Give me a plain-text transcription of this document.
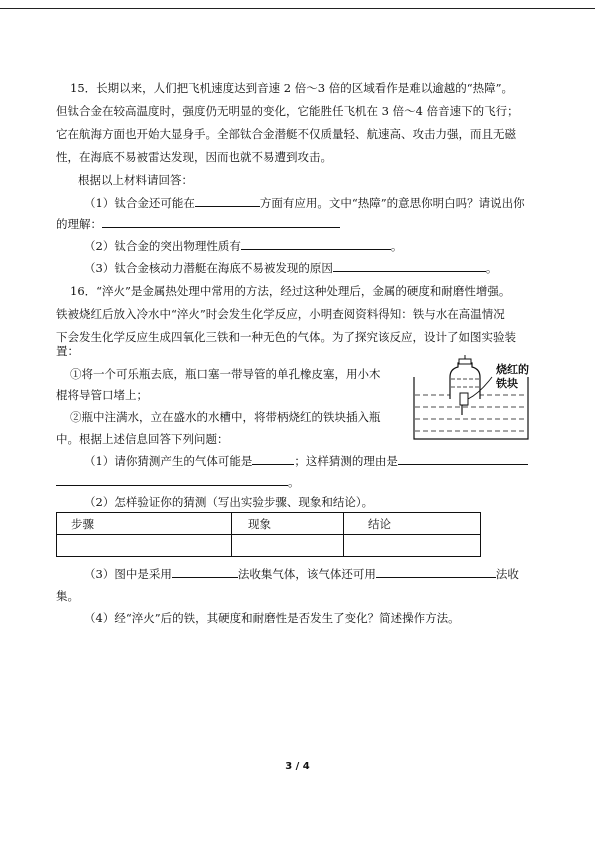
15．长期以来，人们把飞机速度达到音速 2 倍～3 倍的区域看作是难以逾越的“热障”。
但钛合金在较高温度时，强度仍无明显的变化，它能胜任飞机在 3 倍～4 倍音速下的飞行；
它在航海方面也开始大显身手。全部钛合金潜艇不仅质量轻、航速高、攻击力强，而且无磁
性，在海底不易被雷达发现，因而也就不易遭到攻击。
根据以上材料请回答：
（1）钛合金还可能在	方面有应用。文中“热障”的意思你明白吗？请说出你
的理解：
（2）钛合金的突出物理性质有	。
（3）钛合金核动力潜艇在海底不易被发现的原因	。
16．“淬火”是金属热处理中常用的方法，经过这种处理后，金属的硬度和耐磨性增强。
铁被烧红后放入冷水中“淬火”时会发生化学反应，小明查阅资料得知：铁与水在高温情况
下会发生化学反应生成四氧化三铁和一种无色的气体。为了探究该反应，设计了如图实验装
置：
①将一个可乐瓶去底，瓶口塞一带导管的单孔橡皮塞，用小木
棍将导管口堵上；
②瓶中注满水，立在盛水的水槽中，将带柄烧红的铁块插入瓶
中。根据上述信息回答下列问题：
烧红的
铁块
（1）请你猜测产生的气体可能是	；这样猜测的理由是
。
（2）怎样验证你的猜测（写出实验步骤、现象和结论）。
步骤	现象	结论

（3）图中是采用	法收集气体，该气体还可用	法收
集。
（4）经“淬火”后的铁，其硬度和耐磨性是否发生了变化？简述操作方法。
3 / 4
